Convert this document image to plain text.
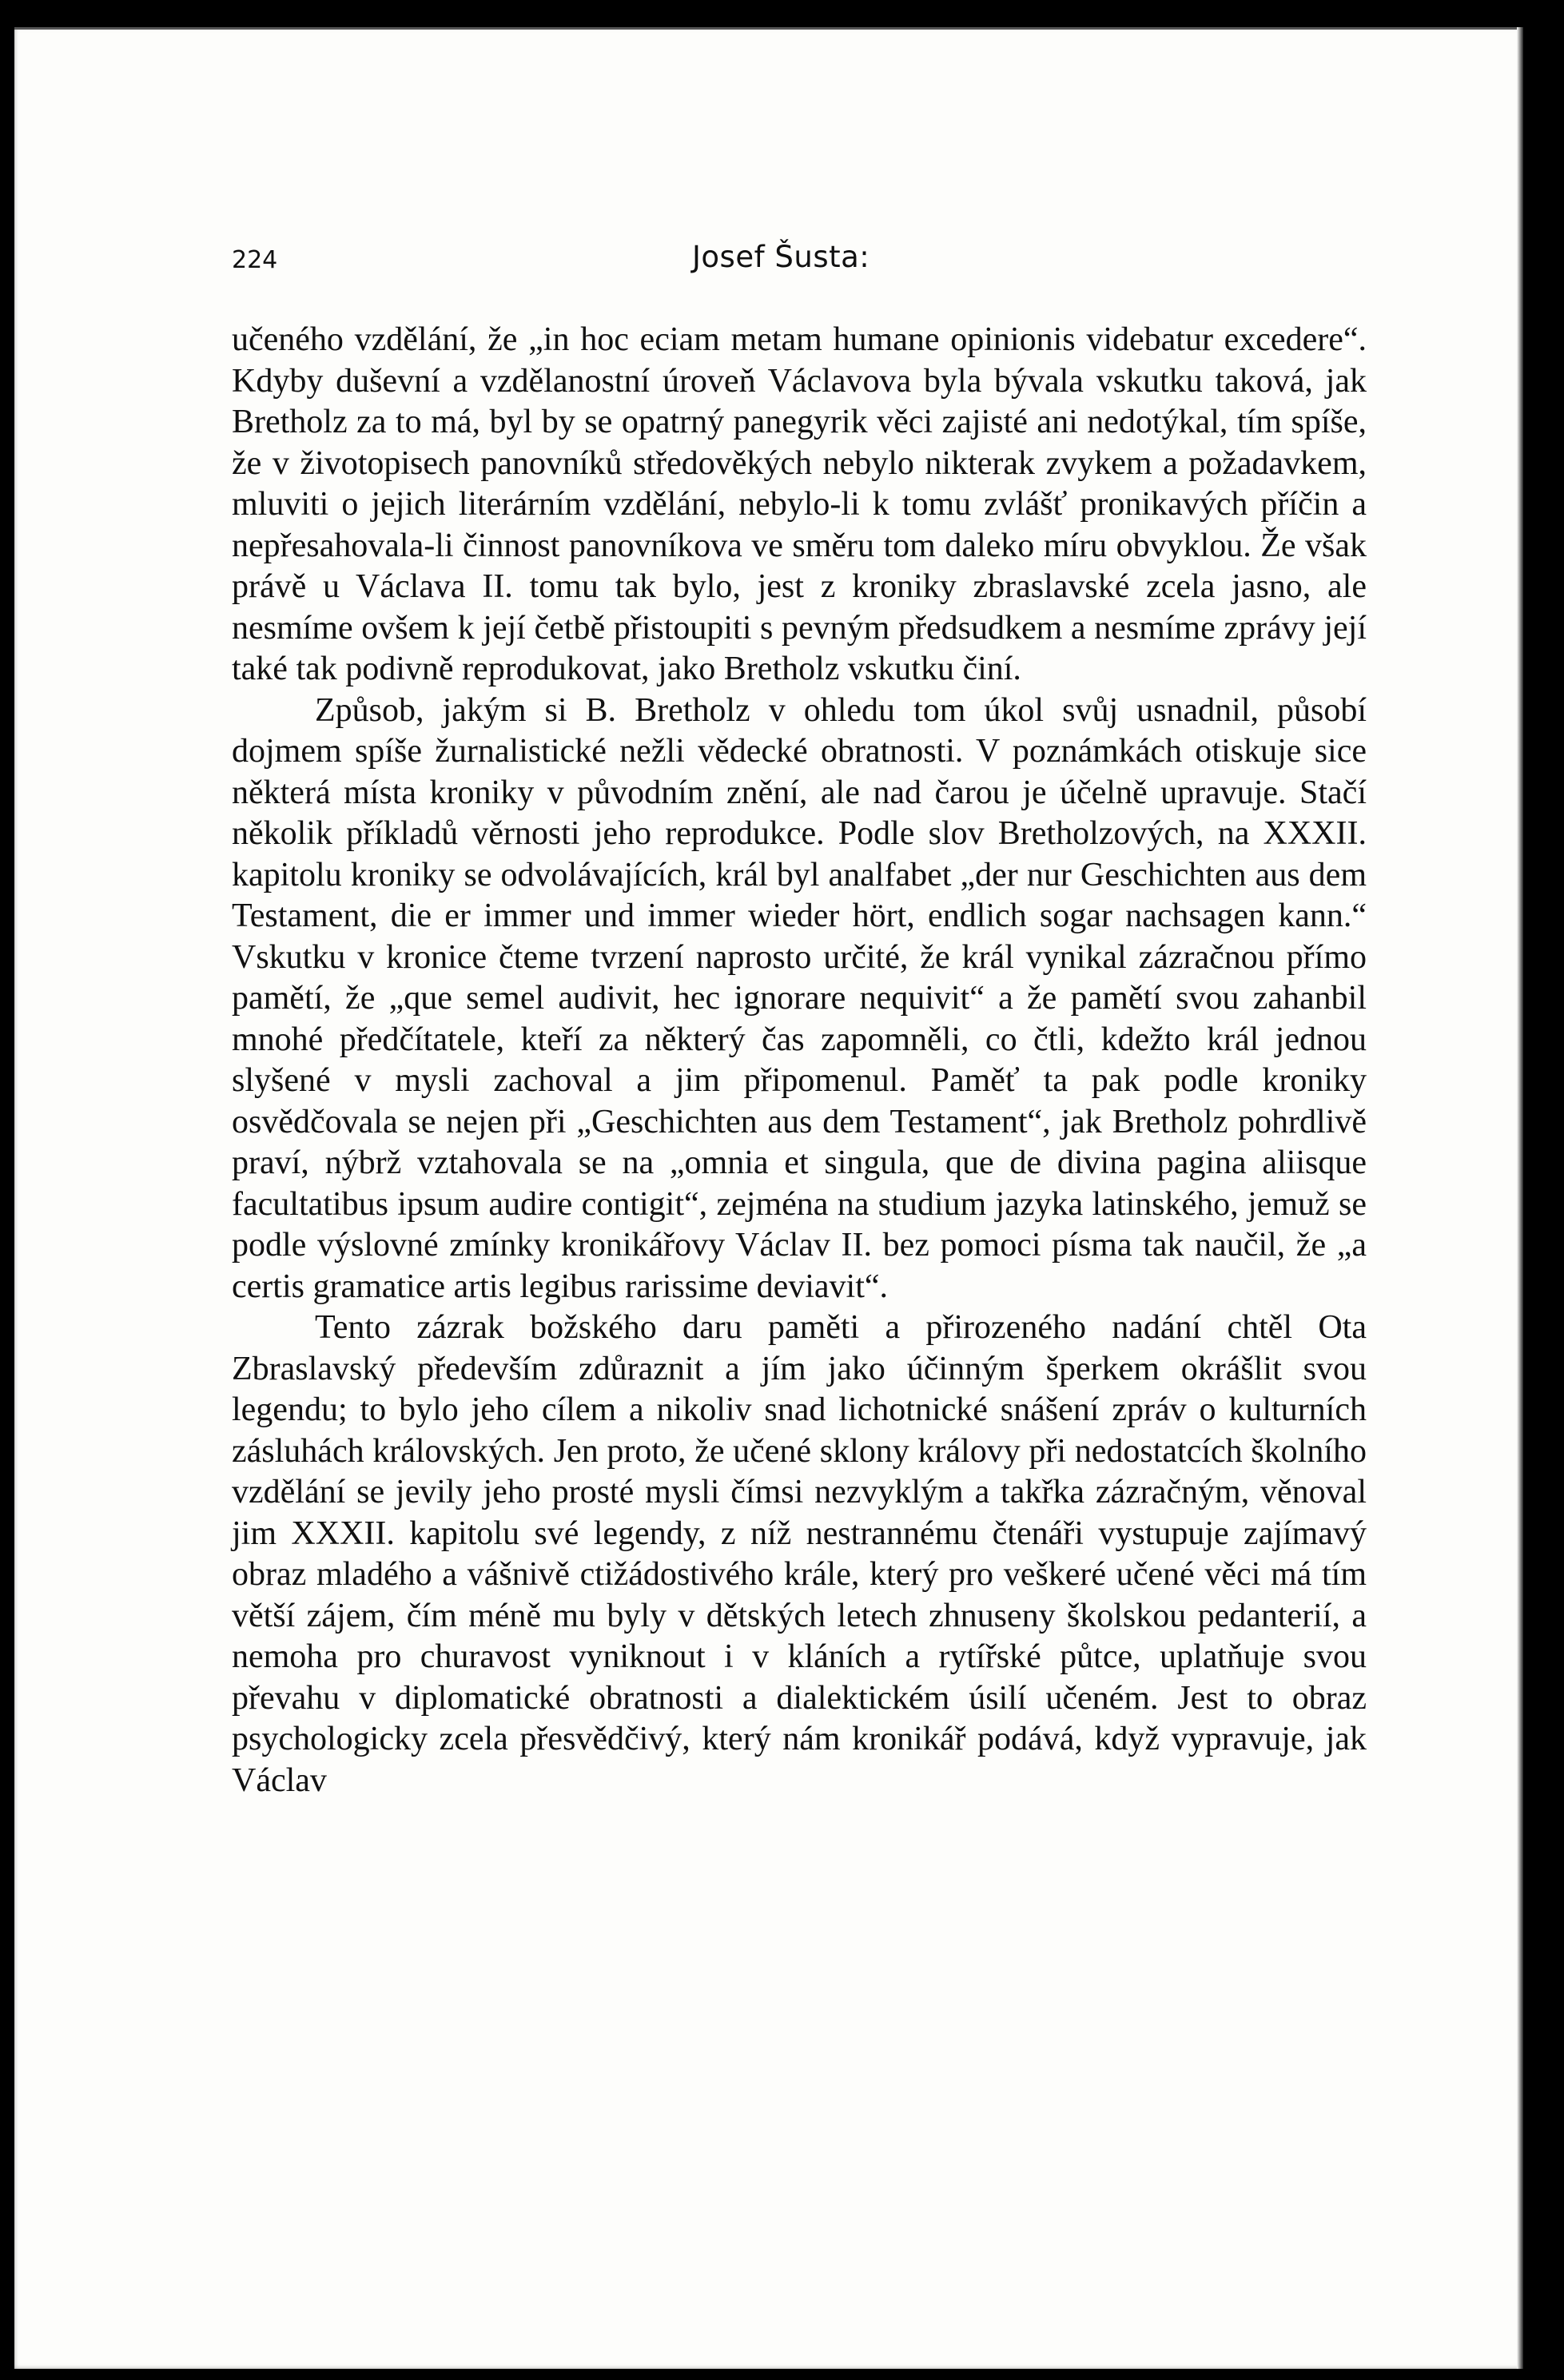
224	Josef Šusta:

učeného vzdělání, že „in hoc eciam metam humane opinionis videbatur excedere“. Kdyby duševní a vzdělanostní úroveň Václavova byla bývala vskutku taková, jak Bretholz za to má, byl by se opatrný panegyrik věci zajisté ani nedotýkal, tím spíše, že v životopisech panovníků středověkých nebylo nikterak zvykem a požadavkem, mluviti o jejich literárním vzdělání, nebylo-li k tomu zvlášť pronikavých příčin a nepřesahovala-li činnost panovníkova ve směru tom daleko míru obvyklou. Že však právě u Václava II. tomu tak bylo, jest z kroniky zbraslavské zcela jasno, ale nesmíme ovšem k její četbě přistoupiti s pevným předsudkem a nesmíme zprávy její také tak podivně reprodukovat, jako Bretholz vskutku činí.

Způsob, jakým si B. Bretholz v ohledu tom úkol svůj usnadnil, působí dojmem spíše žurnalistické nežli vědecké obratnosti. V poznámkách otiskuje sice některá místa kroniky v původním znění, ale nad čarou je účelně upravuje. Stačí několik příkladů věrnosti jeho reprodukce. Podle slov Bretholzových, na XXXII. kapitolu kroniky se odvolávajících, král byl analfabet „der nur Geschichten aus dem Testament, die er immer und immer wieder hört, endlich sogar nachsagen kann.“ Vskutku v kronice čteme tvrzení naprosto určité, že král vynikal zázračnou přímo pamětí, že „que semel audivit, hec ignorare nequivit“ a že pamětí svou zahanbil mnohé předčítatele, kteří za některý čas zapomněli, co čtli, kdežto král jednou slyšené v mysli zachoval a jim připomenul. Paměť ta pak podle kroniky osvědčovala se nejen při „Geschichten aus dem Testament“, jak Bretholz pohrdlivě praví, nýbrž vztahovala se na „omnia et singula, que de divina pagina aliisque facultatibus ipsum audire contigit“, zejména na studium jazyka latinského, jemuž se podle výslovné zmínky kronikářovy Václav II. bez pomoci písma tak naučil, že „a certis gramatice artis legibus rarissime deviavit“.

Tento zázrak božského daru paměti a přirozeného nadání chtěl Ota Zbraslavský především zdůraznit a jím jako účinným šperkem okrášlit svou legendu; to bylo jeho cílem a nikoliv snad lichotnické snášení zpráv o kulturních zásluhách královských. Jen proto, že učené sklony královy při nedostatcích školního vzdělání se jevily jeho prosté mysli čímsi nezvyklým a takřka zázračným, věnoval jim XXXII. kapitolu své legendy, z níž nestrannému čtenáři vystupuje zajímavý obraz mladého a vášnivě ctižádostivého krále, který pro veškeré učené věci má tím větší zájem, čím méně mu byly v dětských letech zhnuseny školskou pedanterií, a nemoha pro churavost vyniknout i v kláních a rytířské půtce, uplatňuje svou převahu v diplomatické obratnosti a dialektickém úsilí učeném. Jest to obraz psychologicky zcela přesvědčivý, který nám kronikář podává, když vypravuje, jak Václav
